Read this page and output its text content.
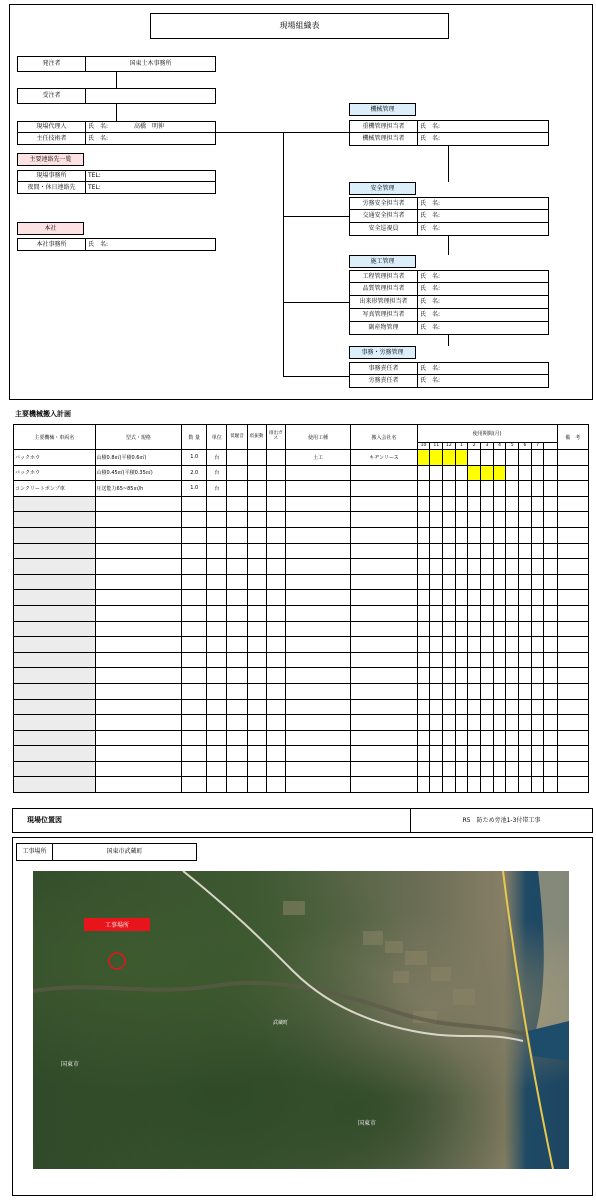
現場組織表
発注者	国東土木事務所
受注者
現場代理人	氏　名:	高橋　明伸
主任技術者	氏　名:
主要連絡先一覧
現場事務所	TEL:
夜間・休日連絡先	TEL:
本社
本社事務所	氏　名:
機械管理
重機管理担当者	氏　名:
機械管理担当者	氏　名:
安全管理
労務安全担当者	氏　名:
交通安全担当者	氏　名:
安全巡視員	氏　名:
施工管理
工程管理担当者	氏　名:
品質管理担当者	氏　名:
出来形管理担当者	氏　名:
写真管理担当者	氏　名:
副産物管理	氏　名:
事務・労務管理
事務責任者	氏　名:
労務責任者	氏　名:
主要機械搬入計画
主要機械・車両名	型式・規格	数 量	単位	低騒音	低振動	排出ガス	使用工種	搬入会社名	使用期間(月)											備　考
									10	11	12	1	2	3	4	5	6	7		
バックホウ	山積0.8㎥(平積0.6㎥)	1.0	台				土工	キヂンリース												
バックホウ	山積0.45㎥(平積0.35㎥)	2.0	台																	
コンクリートポンプ車	圧送能力65~85㎥/h	1.0	台																	

現場位置図	R5　防ため旁池1-3付帯工事
工事場所	国東市武蔵町
工事場所
国東市
国東市
武蔵町
